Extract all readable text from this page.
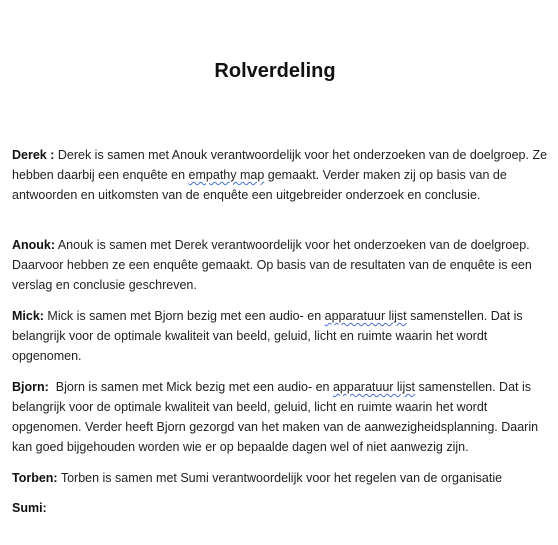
Rolverdeling

Derek : Derek is samen met Anouk verantwoordelijk voor het onderzoeken van de doelgroep. Ze hebben daarbij een enquête en empathy map gemaakt. Verder maken zij op basis van de antwoorden en uitkomsten van de enquête een uitgebreider onderzoek en conclusie.

Anouk: Anouk is samen met Derek verantwoordelijk voor het onderzoeken van de doelgroep. Daarvoor hebben ze een enquête gemaakt. Op basis van de resultaten van de enquête is een verslag en conclusie geschreven.

Mick: Mick is samen met Bjorn bezig met een audio- en apparatuur lijst samenstellen. Dat is belangrijk voor de optimale kwaliteit van beeld, geluid, licht en ruimte waarin het wordt opgenomen.

Bjorn:  Bjorn is samen met Mick bezig met een audio- en apparatuur lijst samenstellen. Dat is belangrijk voor de optimale kwaliteit van beeld, geluid, licht en ruimte waarin het wordt opgenomen. Verder heeft Bjorn gezorgd van het maken van de aanwezigheidsplanning. Daarin kan goed bijgehouden worden wie er op bepaalde dagen wel of niet aanwezig zijn.

Torben: Torben is samen met Sumi verantwoordelijk voor het regelen van de organisatie

Sumi:
